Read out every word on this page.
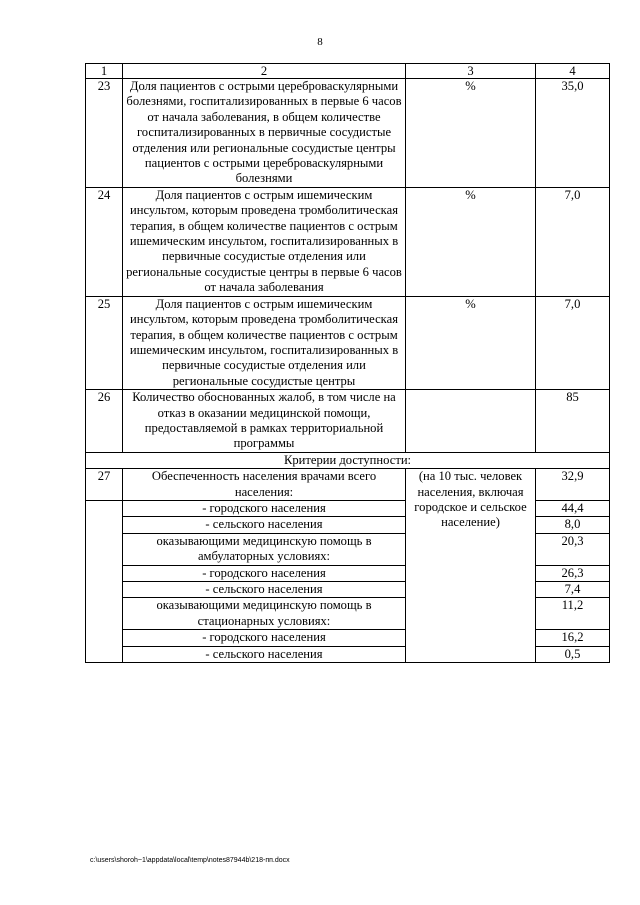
8
1	2	3	4
23	Доля пациентов с острыми цереброваскулярными болезнями, госпитализированных в первые 6 часов от начала заболевания, в общем количестве госпитализированных в первичные сосудистые отделения или региональные сосудистые центры пациентов с острыми цереброваскулярными болезнями	%	35,0
24	Доля пациентов с острым ишемическим инсультом, которым проведена тромболитическая терапия, в общем количестве пациентов с острым ишемическим инсультом, госпитализированных в первичные сосудистые отделения или региональные сосудистые центры в первые 6 часов от начала заболевания	%	7,0
25	Доля пациентов с острым ишемическим инсультом, которым проведена тромболитическая терапия, в общем количестве пациентов с острым ишемическим инсультом, госпитализированных в первичные сосудистые отделения или региональные сосудистые центры	%	7,0
26	Количество обоснованных жалоб, в том числе на отказ в оказании медицинской помощи, предоставляемой в рамках территориальной программы		85
Критерии доступности:			
27	Обеспеченность населения врачами всего населения:	(на 10 тыс. человек населения, включая городское и сельское население)	32,9
	- городского населения		44,4
	- сельского населения		8,0
	оказывающими медицинскую помощь в амбулаторных условиях:		20,3
	- городского населения		26,3
	- сельского населения		7,4
	оказывающими медицинскую помощь в стационарных условиях:		11,2
	- городского населения		16,2
	- сельского населения		0,5
c:\users\shoroh~1\appdata\local\temp\notes87944b\218-пп.docx
